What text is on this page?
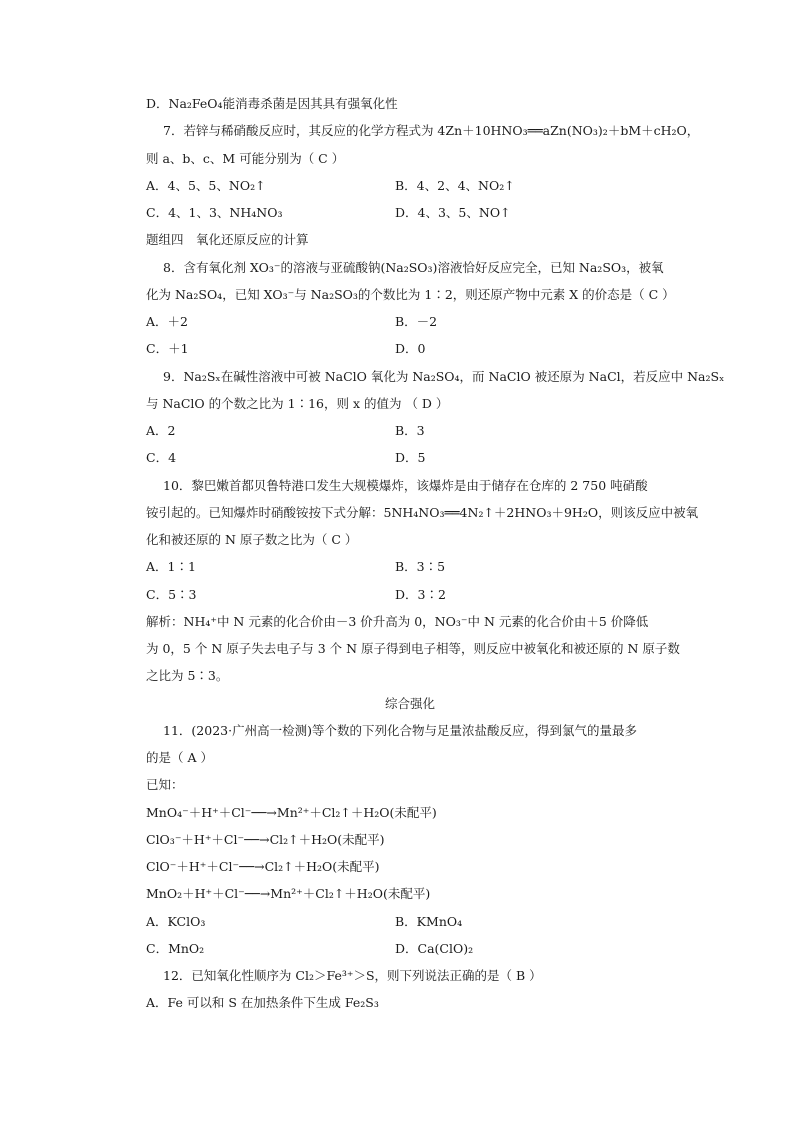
D．Na₂FeO₄能消毒杀菌是因其具有强氧化性
7．若锌与稀硝酸反应时，其反应的化学方程式为 4Zn＋10HNO₃══aZn(NO₃)₂＋bM＋cH₂O，
则 a、b、c、M 可能分别为（ C ）
A．4、5、5、NO₂↑	B．4、2、4、NO₂↑
C．4、1、3、NH₄NO₃	D．4、3、5、NO↑
题组四　氧化还原反应的计算
8．含有氧化剂 XO₃⁻的溶液与亚硫酸钠(Na₂SO₃)溶液恰好反应完全，已知 Na₂SO₃，被氧
化为 Na₂SO₄，已知 XO₃⁻与 Na₂SO₃的个数比为 1∶2，则还原产物中元素 X 的价态是（ C ）
A．＋2	B．－2
C．＋1	D．0
9．Na₂Sₓ在碱性溶液中可被 NaClO 氧化为 Na₂SO₄，而 NaClO 被还原为 NaCl，若反应中 Na₂Sₓ
与 NaClO 的个数之比为 1∶16，则 x 的值为 （ D ）
A．2	B．3
C．4	D．5
10．黎巴嫩首都贝鲁特港口发生大规模爆炸，该爆炸是由于储存在仓库的 2 750 吨硝酸
铵引起的。已知爆炸时硝酸铵按下式分解：5NH₄NO₃══4N₂↑＋2HNO₃＋9H₂O，则该反应中被氧
化和被还原的 N 原子数之比为（ C ）
A．1∶1	B．3∶5
C．5∶3	D．3∶2
解析：NH₄⁺中 N 元素的化合价由－3 价升高为 0，NO₃⁻中 N 元素的化合价由＋5 价降低
为 0，5 个 N 原子失去电子与 3 个 N 原子得到电子相等，则反应中被氧化和被还原的 N 原子数
之比为 5∶3。
综合强化
11．(2023·广州高一检测)等个数的下列化合物与足量浓盐酸反应，得到氯气的量最多
的是（ A ）
已知：
MnO₄⁻＋H⁺＋Cl⁻──→Mn²⁺＋Cl₂↑＋H₂O(未配平)
ClO₃⁻＋H⁺＋Cl⁻──→Cl₂↑＋H₂O(未配平)
ClO⁻＋H⁺＋Cl⁻──→Cl₂↑＋H₂O(未配平)
MnO₂＋H⁺＋Cl⁻──→Mn²⁺＋Cl₂↑＋H₂O(未配平)
A．KClO₃	B．KMnO₄
C．MnO₂	D．Ca(ClO)₂
12．已知氧化性顺序为 Cl₂＞Fe³⁺＞S，则下列说法正确的是（ B ）
A．Fe 可以和 S 在加热条件下生成 Fe₂S₃
